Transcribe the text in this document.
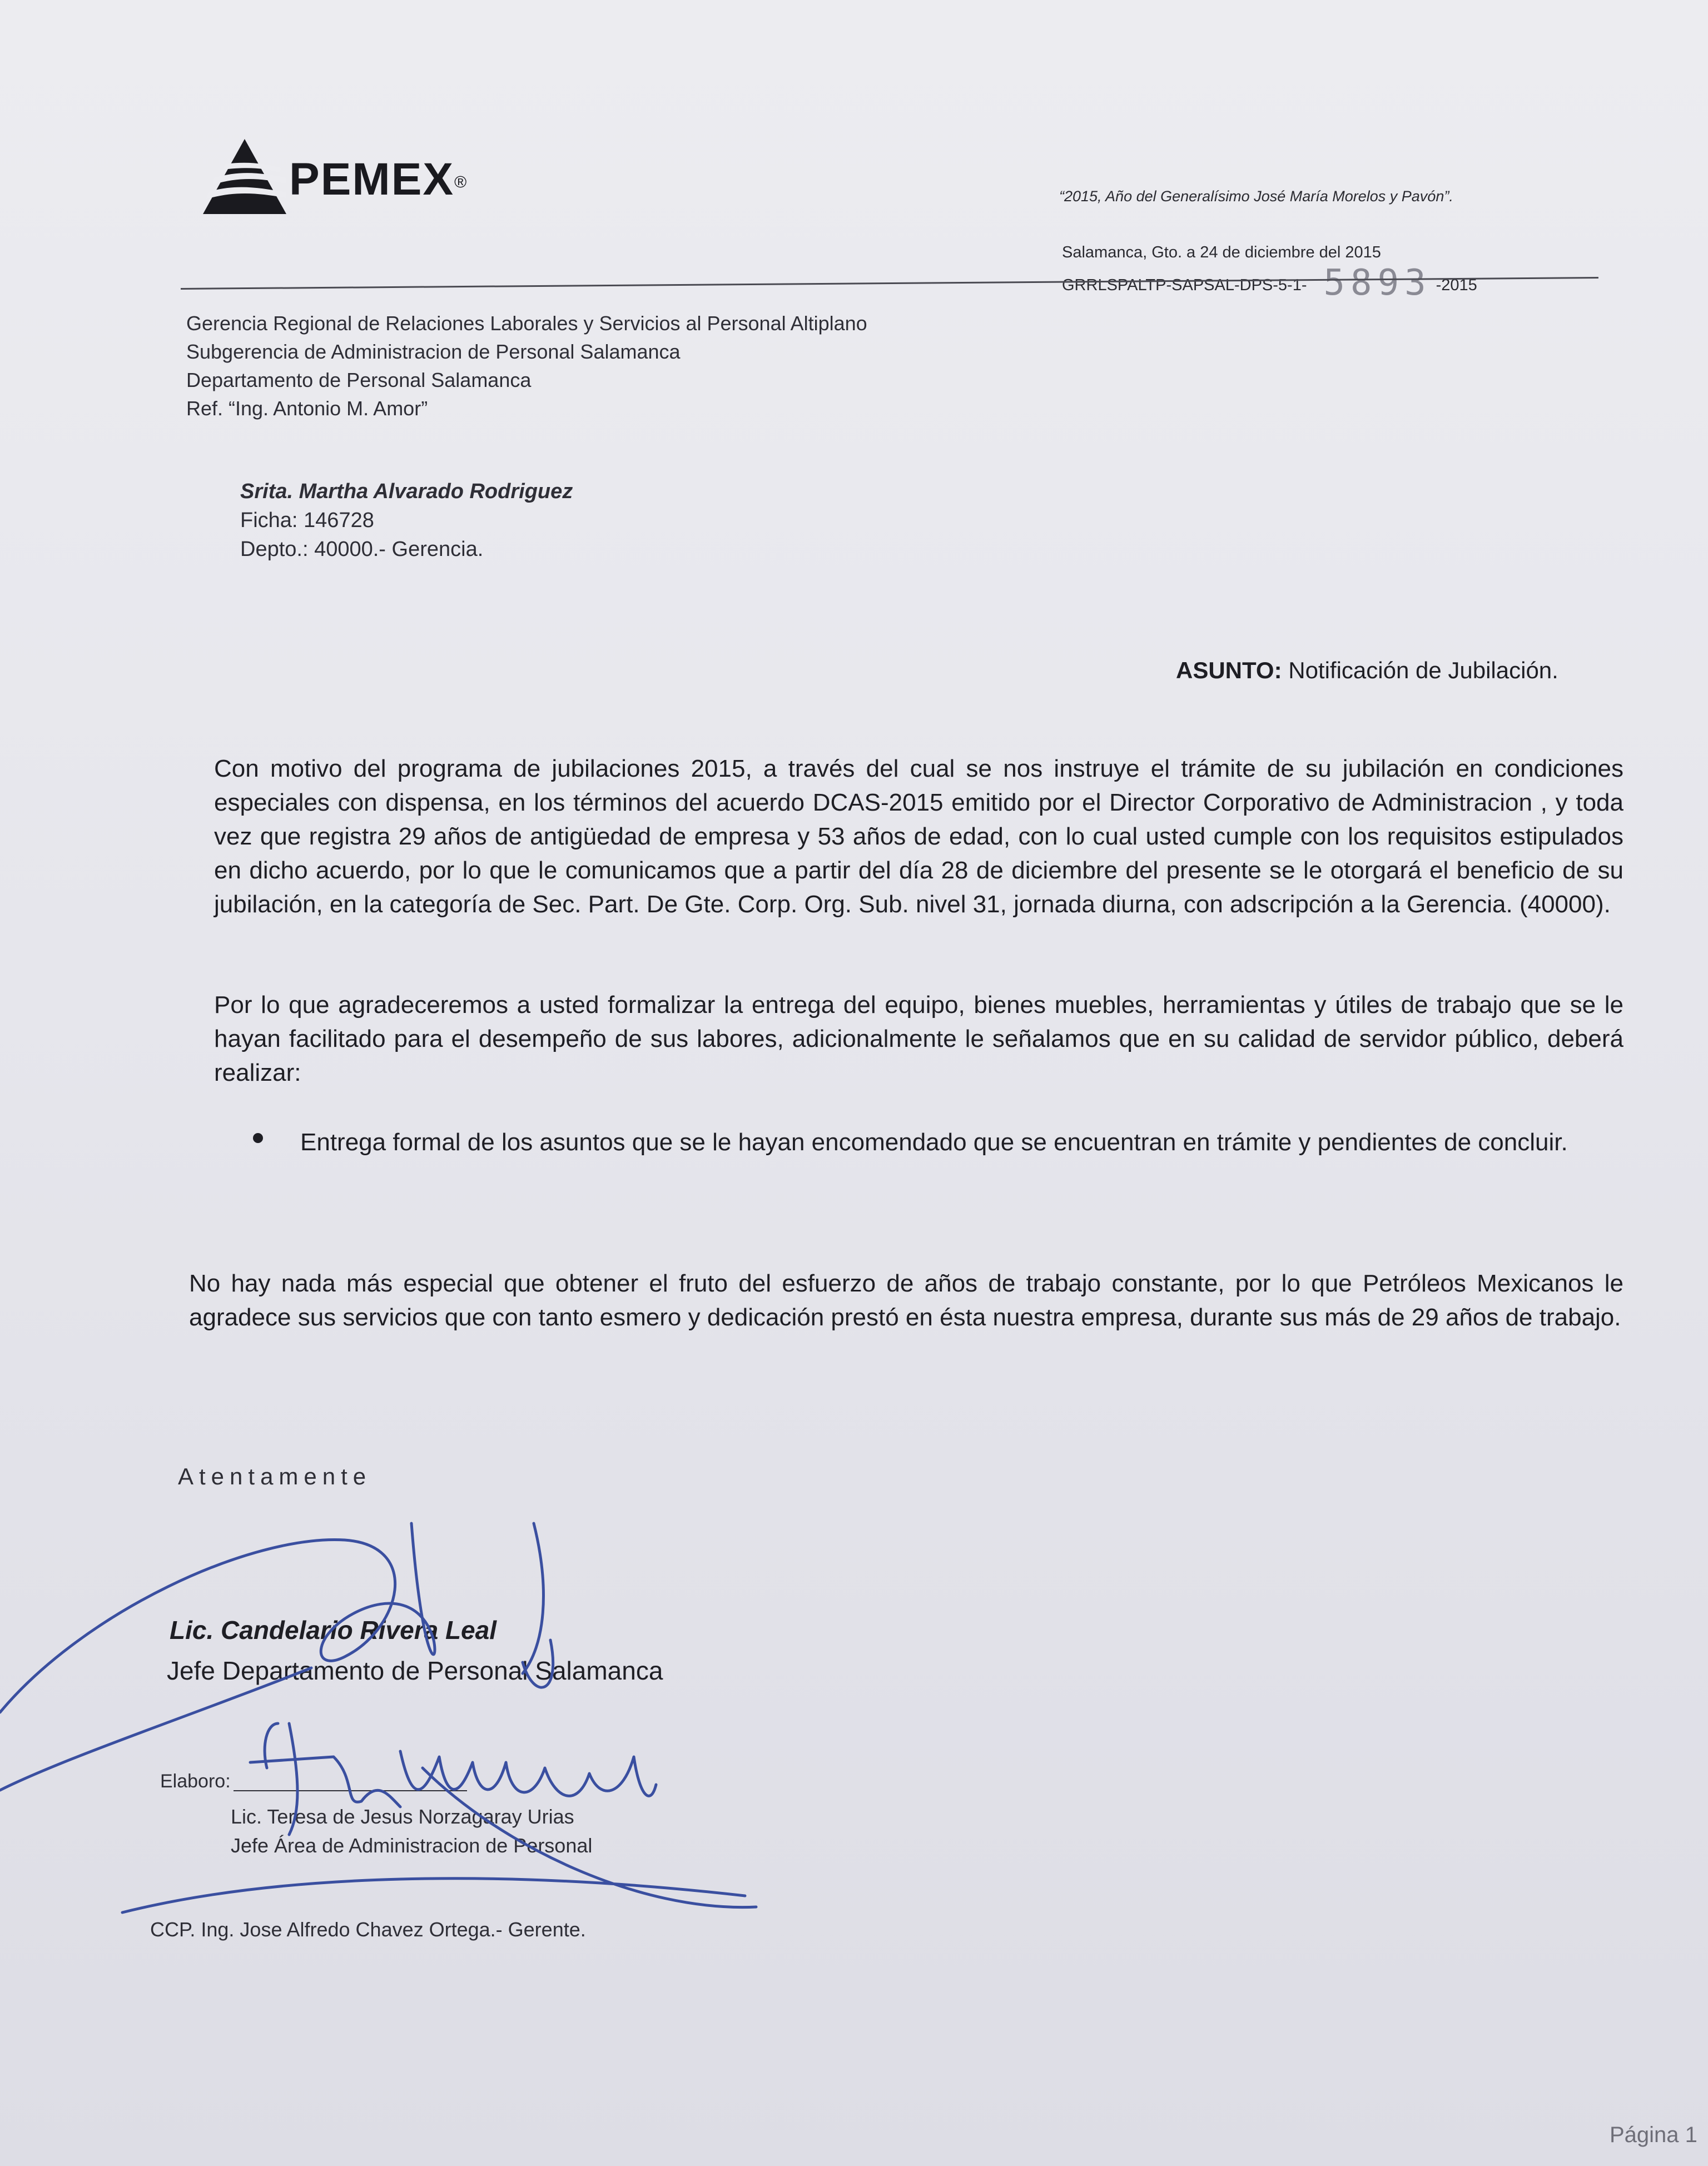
PEMEX®
“2015, Año del Generalísimo José María Morelos y Pavón”.
Salamanca, Gto. a 24 de diciembre del 2015
GRRLSPALTP-SAPSAL-DPS-5-1- 5893 -2015
Gerencia Regional de Relaciones Laborales y Servicios al Personal Altiplano
Subgerencia de Administracion de Personal Salamanca
Departamento de Personal Salamanca
Ref. “Ing. Antonio M. Amor”
Srita. Martha Alvarado Rodriguez
Ficha: 146728
Depto.: 40000.- Gerencia.
ASUNTO: Notificación de Jubilación.
Con motivo del programa de jubilaciones 2015, a través del cual se nos instruye el trámite de su jubilación en condiciones especiales con dispensa, en los términos del acuerdo DCAS-2015 emitido por el Director Corporativo de Administracion , y toda vez que registra 29 años de antigüedad de empresa y 53 años de edad, con lo cual usted cumple con los requisitos estipulados en dicho acuerdo, por lo que le comunicamos que a partir del día 28 de diciembre del presente se le otorgará el beneficio de su jubilación, en la categoría de Sec. Part. De Gte. Corp. Org. Sub. nivel 31, jornada diurna, con adscripción a la Gerencia. (40000).
Por lo que agradeceremos a usted formalizar la entrega del equipo, bienes muebles, herramientas y útiles de trabajo que se le hayan facilitado para el desempeño de sus labores, adicionalmente le señalamos que en su calidad de servidor público, deberá realizar:
Entrega formal de los asuntos que se le hayan encomendado que se encuentran en trámite y pendientes de concluir.
No hay nada más especial que obtener el fruto del esfuerzo de años de trabajo constante, por lo que Petróleos Mexicanos le agradece sus servicios que con tanto esmero y dedicación prestó en ésta nuestra empresa, durante sus más de 29 años de trabajo.
Atentamente
Lic. Candelario Rivera Leal
Jefe Departamento de Personal Salamanca
Elaboro:
Lic. Teresa de Jesus Norzagaray Urias
Jefe Área de Administracion de Personal
CCP. Ing. Jose Alfredo Chavez Ortega.- Gerente.
Página 1
